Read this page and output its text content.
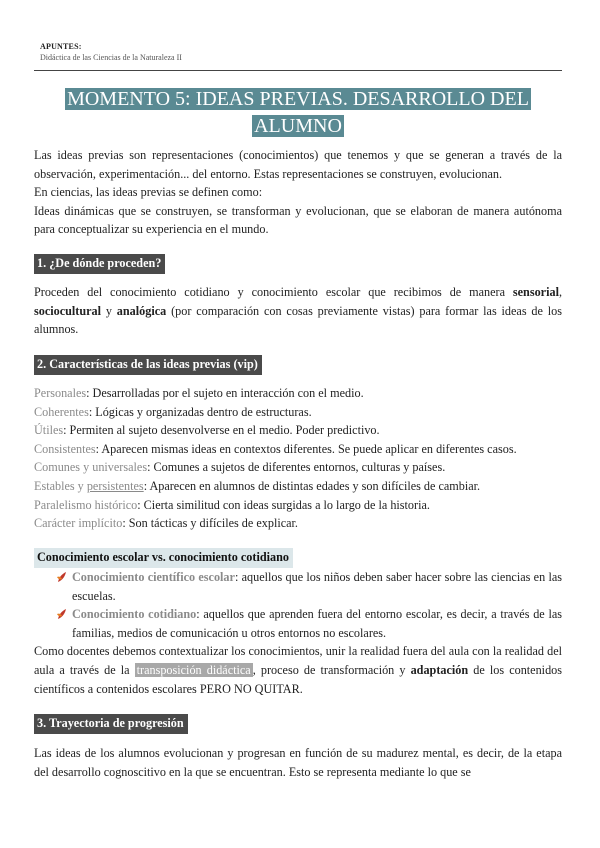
APUNTES:
Didáctica de las Ciencias de la Naturaleza II
MOMENTO 5: IDEAS PREVIAS. DESARROLLO DEL ALUMNO

Las ideas previas son representaciones (conocimientos) que tenemos y que se generan a través de la observación, experimentación... del entorno. Estas representaciones se construyen, evolucionan.

En ciencias, las ideas previas se definen como:

Ideas dinámicas que se construyen, se transforman y evolucionan, que se elaboran de manera autónoma para conceptualizar su experiencia en el mundo.

1. ¿De dónde proceden?

Proceden del conocimiento cotidiano y conocimiento escolar que recibimos de manera sensorial, sociocultural y analógica (por comparación con cosas previamente vistas) para formar las ideas de los alumnos.

2. Características de las ideas previas (vip)
Personales: Desarrolladas por el sujeto en interacción con el medio.
Coherentes: Lógicas y organizadas dentro de estructuras.
Útiles: Permiten al sujeto desenvolverse en el medio. Poder predictivo.
Consistentes: Aparecen mismas ideas en contextos diferentes. Se puede aplicar en diferentes casos.
Comunes y universales: Comunes a sujetos de diferentes entornos, culturas y países.
Estables y persistentes: Aparecen en alumnos de distintas edades y son difíciles de cambiar.
Paralelismo histórico: Cierta similitud con ideas surgidas a lo largo de la historia.
Carácter implícito: Son tácticas y difíciles de explicar.
Conocimiento escolar vs. conocimiento cotidiano
Conocimiento científico escolar: aquellos que los niños deben saber hacer sobre las ciencias en las escuelas.
Conocimiento cotidiano: aquellos que aprenden fuera del entorno escolar, es decir, a través de las familias, medios de comunicación u otros entornos no escolares.

Como docentes debemos contextualizar los conocimientos, unir la realidad fuera del aula con la realidad del aula a través de la transposición didáctica , proceso de transformación y adaptación de los contenidos científicos a contenidos escolares PERO NO QUITAR.

3. Trayectoria de progresión

Las ideas de los alumnos evolucionan y progresan en función de su madurez mental, es decir, de la etapa del desarrollo cognoscitivo en la que se encuentran. Esto se representa mediante lo que se
